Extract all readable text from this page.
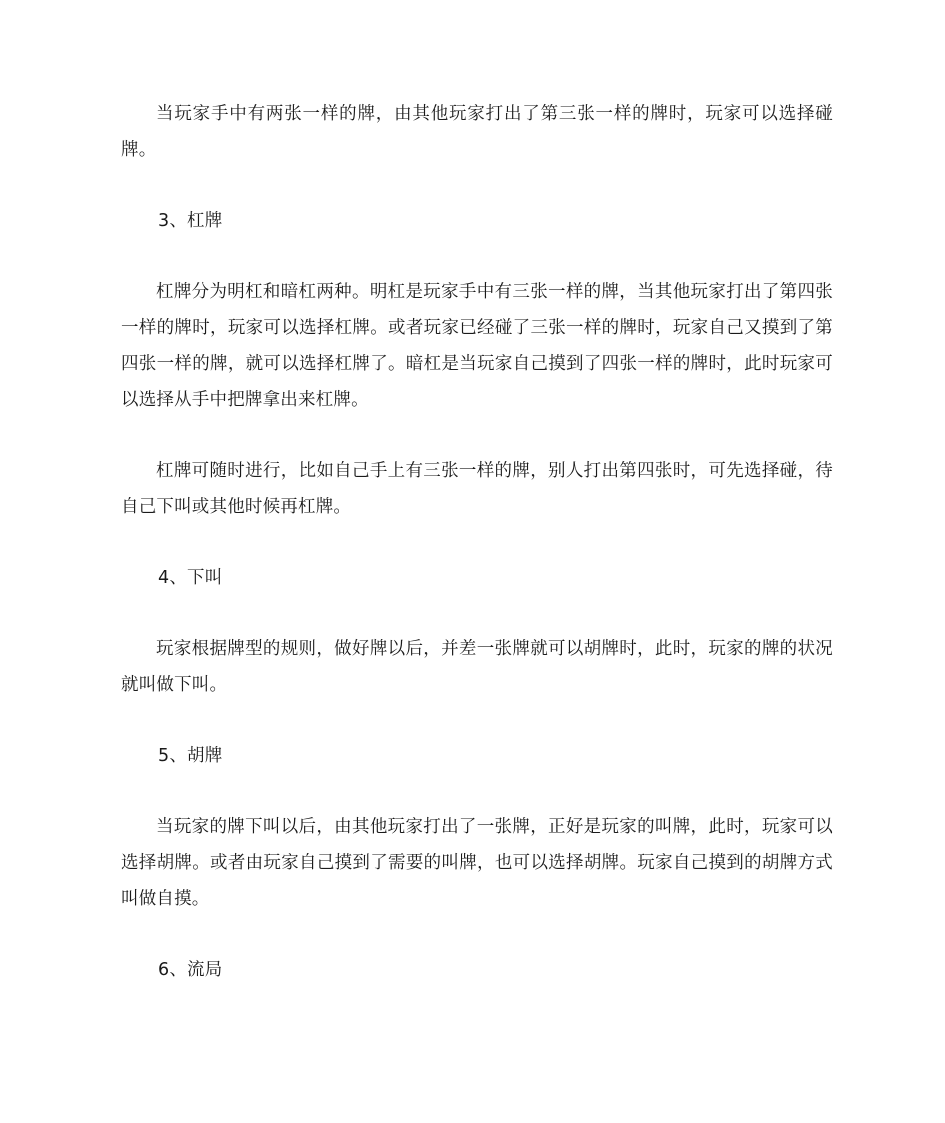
当玩家手中有两张一样的牌，由其他玩家打出了第三张一样的牌时，玩家可以选择碰牌。

3、杠牌

杠牌分为明杠和暗杠两种。明杠是玩家手中有三张一样的牌，当其他玩家打出了第四张一样的牌时，玩家可以选择杠牌。或者玩家已经碰了三张一样的牌时，玩家自己又摸到了第四张一样的牌，就可以选择杠牌了。暗杠是当玩家自己摸到了四张一样的牌时，此时玩家可以选择从手中把牌拿出来杠牌。

杠牌可随时进行，比如自己手上有三张一样的牌，别人打出第四张时，可先选择碰，待自己下叫或其他时候再杠牌。

4、下叫

玩家根据牌型的规则，做好牌以后，并差一张牌就可以胡牌时，此时，玩家的牌的状况就叫做下叫。

5、胡牌

当玩家的牌下叫以后，由其他玩家打出了一张牌，正好是玩家的叫牌，此时，玩家可以选择胡牌。或者由玩家自己摸到了需要的叫牌，也可以选择胡牌。玩家自己摸到的胡牌方式叫做自摸。

6、流局
